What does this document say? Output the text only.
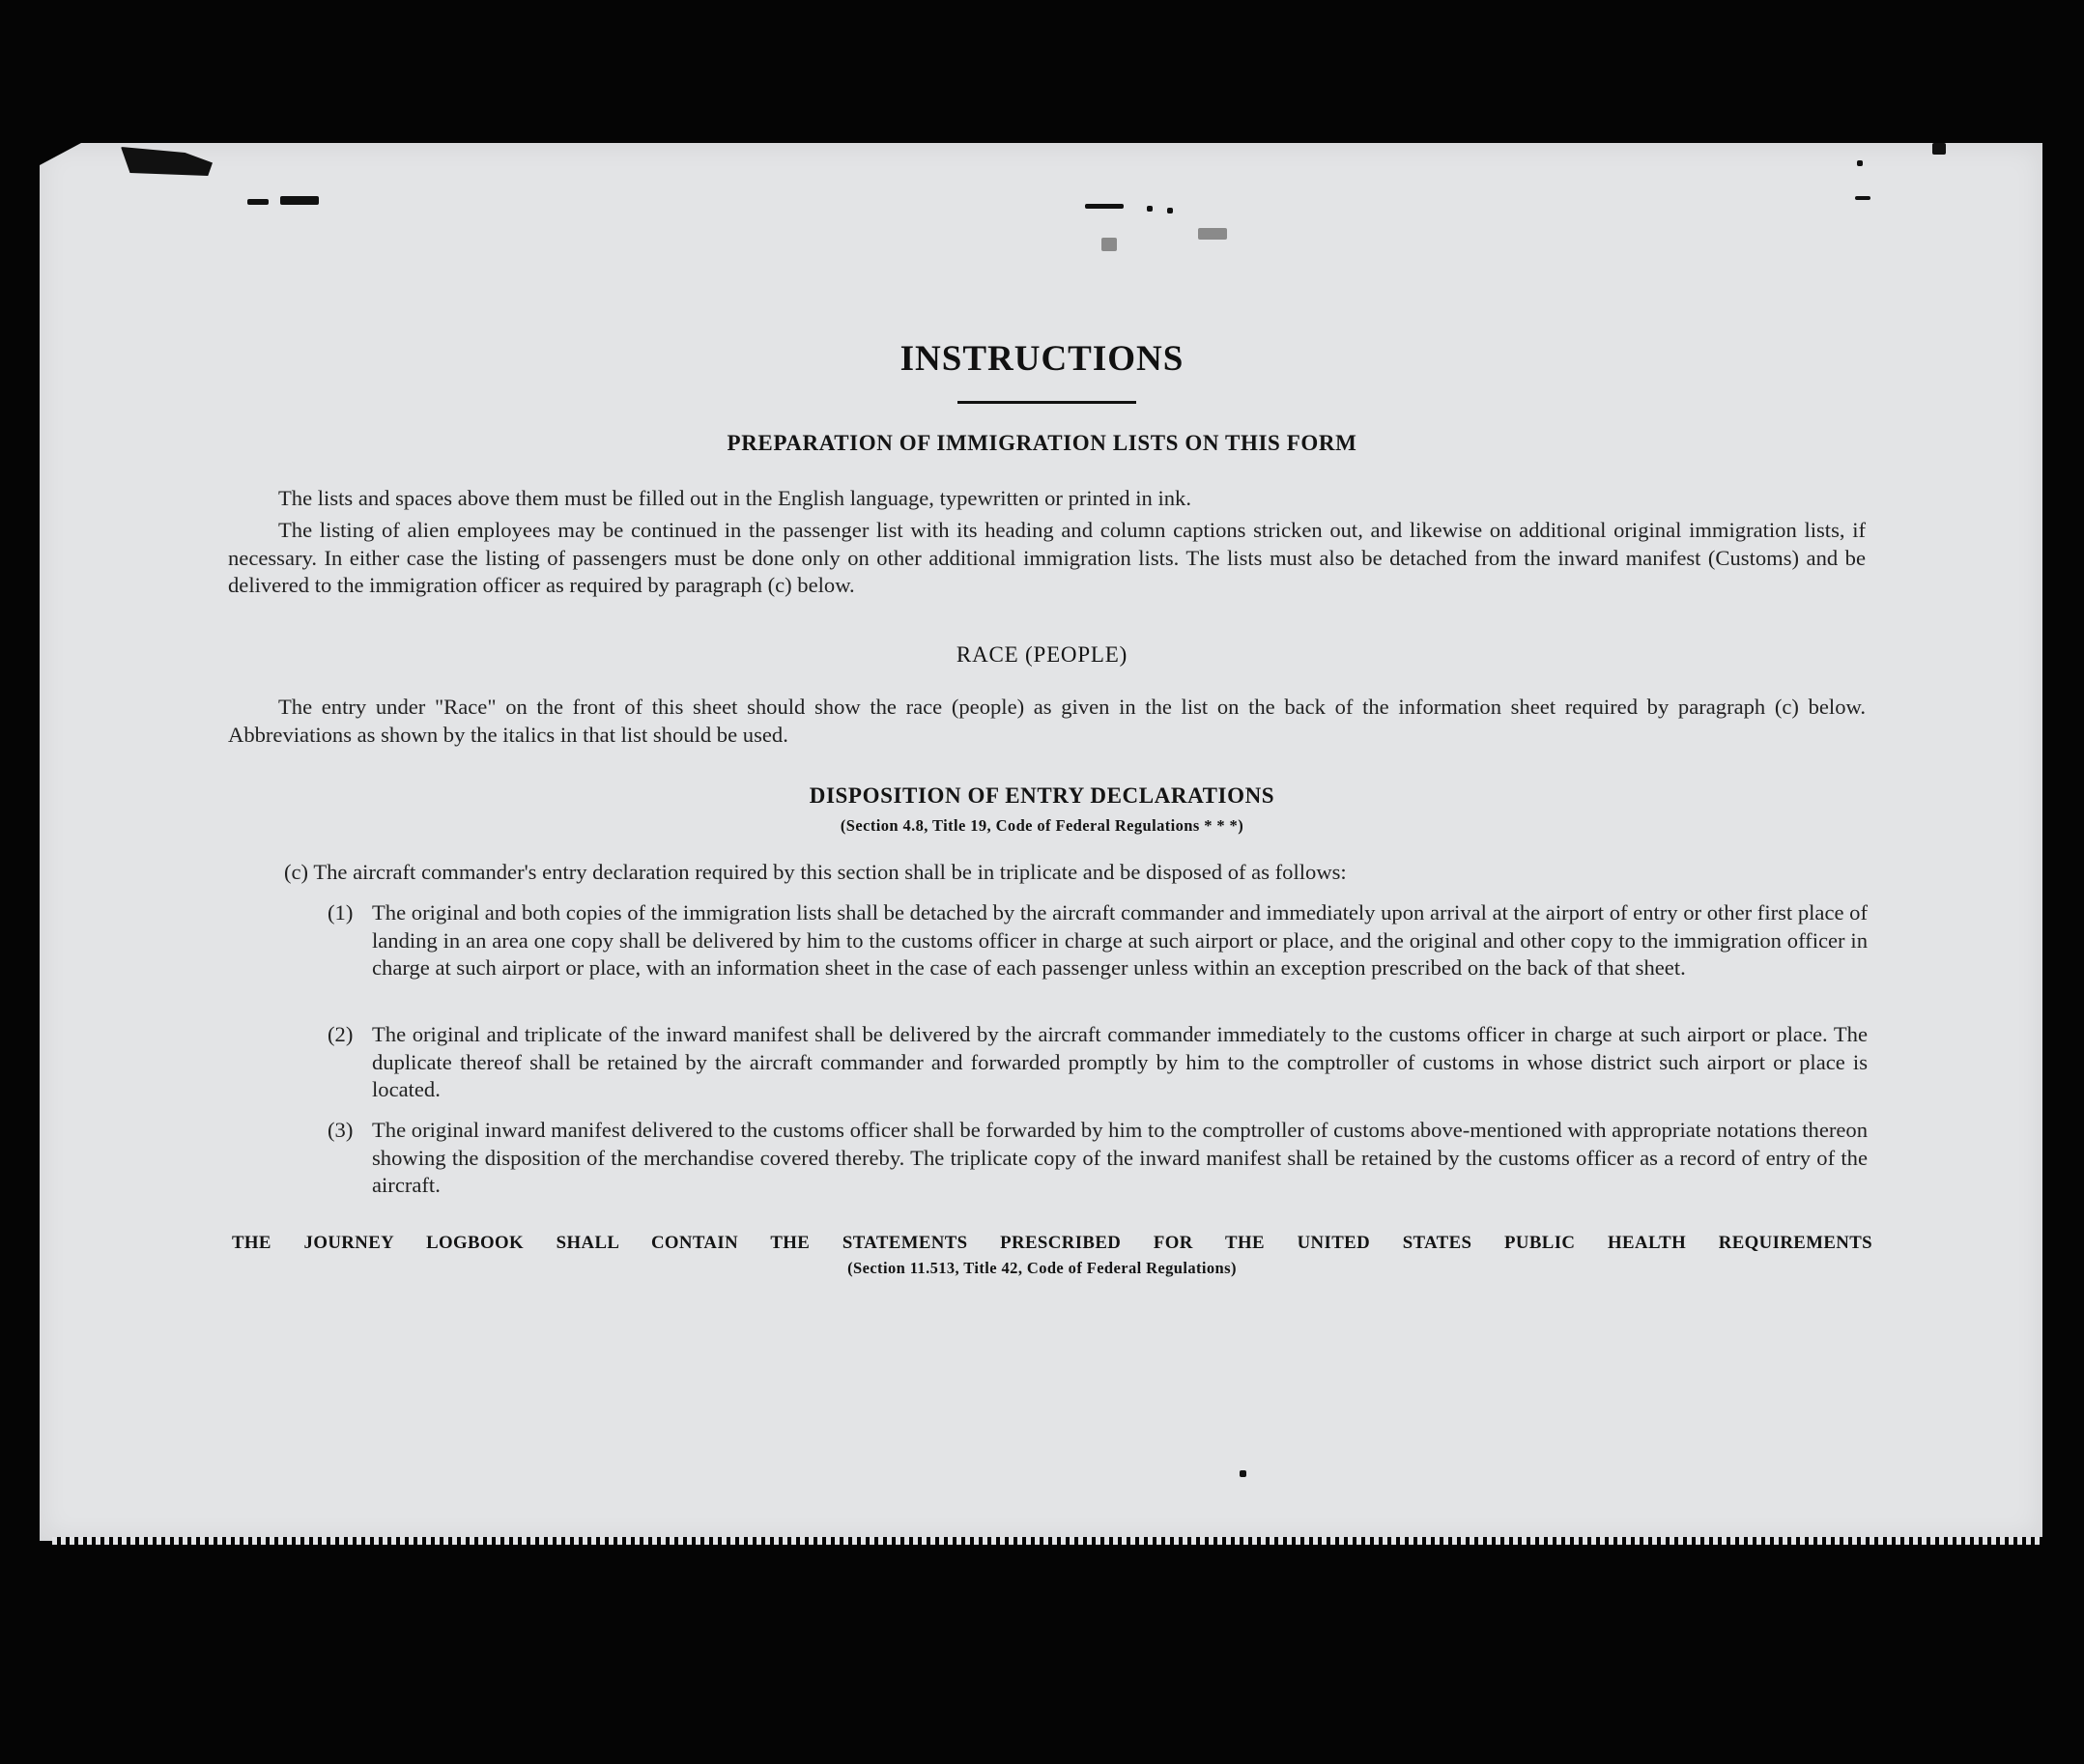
INSTRUCTIONS
PREPARATION OF IMMIGRATION LISTS ON THIS FORM

The lists and spaces above them must be filled out in the English language, typewritten or printed in ink.

The listing of alien employees may be continued in the passenger list with its heading and column captions stricken out, and likewise on additional original immigration lists, if necessary. In either case the listing of passengers must be done only on other additional immigration lists. The lists must also be detached from the inward manifest (Customs) and be delivered to the immigration officer as required by paragraph (c) below.

RACE (PEOPLE)

The entry under "Race" on the front of this sheet should show the race (people) as given in the list on the back of the information sheet required by paragraph (c) below. Abbreviations as shown by the italics in that list should be used.

DISPOSITION OF ENTRY DECLARATIONS
(Section 4.8, Title 19, Code of Federal Regulations * * *)

(c) The aircraft commander's entry declaration required by this section shall be in triplicate and be disposed of as follows:

(1) The original and both copies of the immigration lists shall be detached by the aircraft commander and immediately upon arrival at the airport of entry or other first place of landing in an area one copy shall be delivered by him to the customs officer in charge at such airport or place, and the original and other copy to the immigration officer in charge at such airport or place, with an information sheet in the case of each passenger unless within an exception prescribed on the back of that sheet.
(2) The original and triplicate of the inward manifest shall be delivered by the aircraft commander immediately to the customs officer in charge at such airport or place. The duplicate thereof shall be retained by the aircraft commander and forwarded promptly by him to the comptroller of customs in whose district such airport or place is located.
(3) The original inward manifest delivered to the customs officer shall be forwarded by him to the comptroller of customs above-mentioned with appropriate notations thereon showing the disposition of the merchandise covered thereby. The triplicate copy of the inward manifest shall be retained by the customs officer as a record of entry of the aircraft.
THE JOURNEY LOGBOOK SHALL CONTAIN THE STATEMENTS PRESCRIBED FOR THE UNITED STATES PUBLIC HEALTH REQUIREMENTS
(Section 11.513, Title 42, Code of Federal Regulations)
